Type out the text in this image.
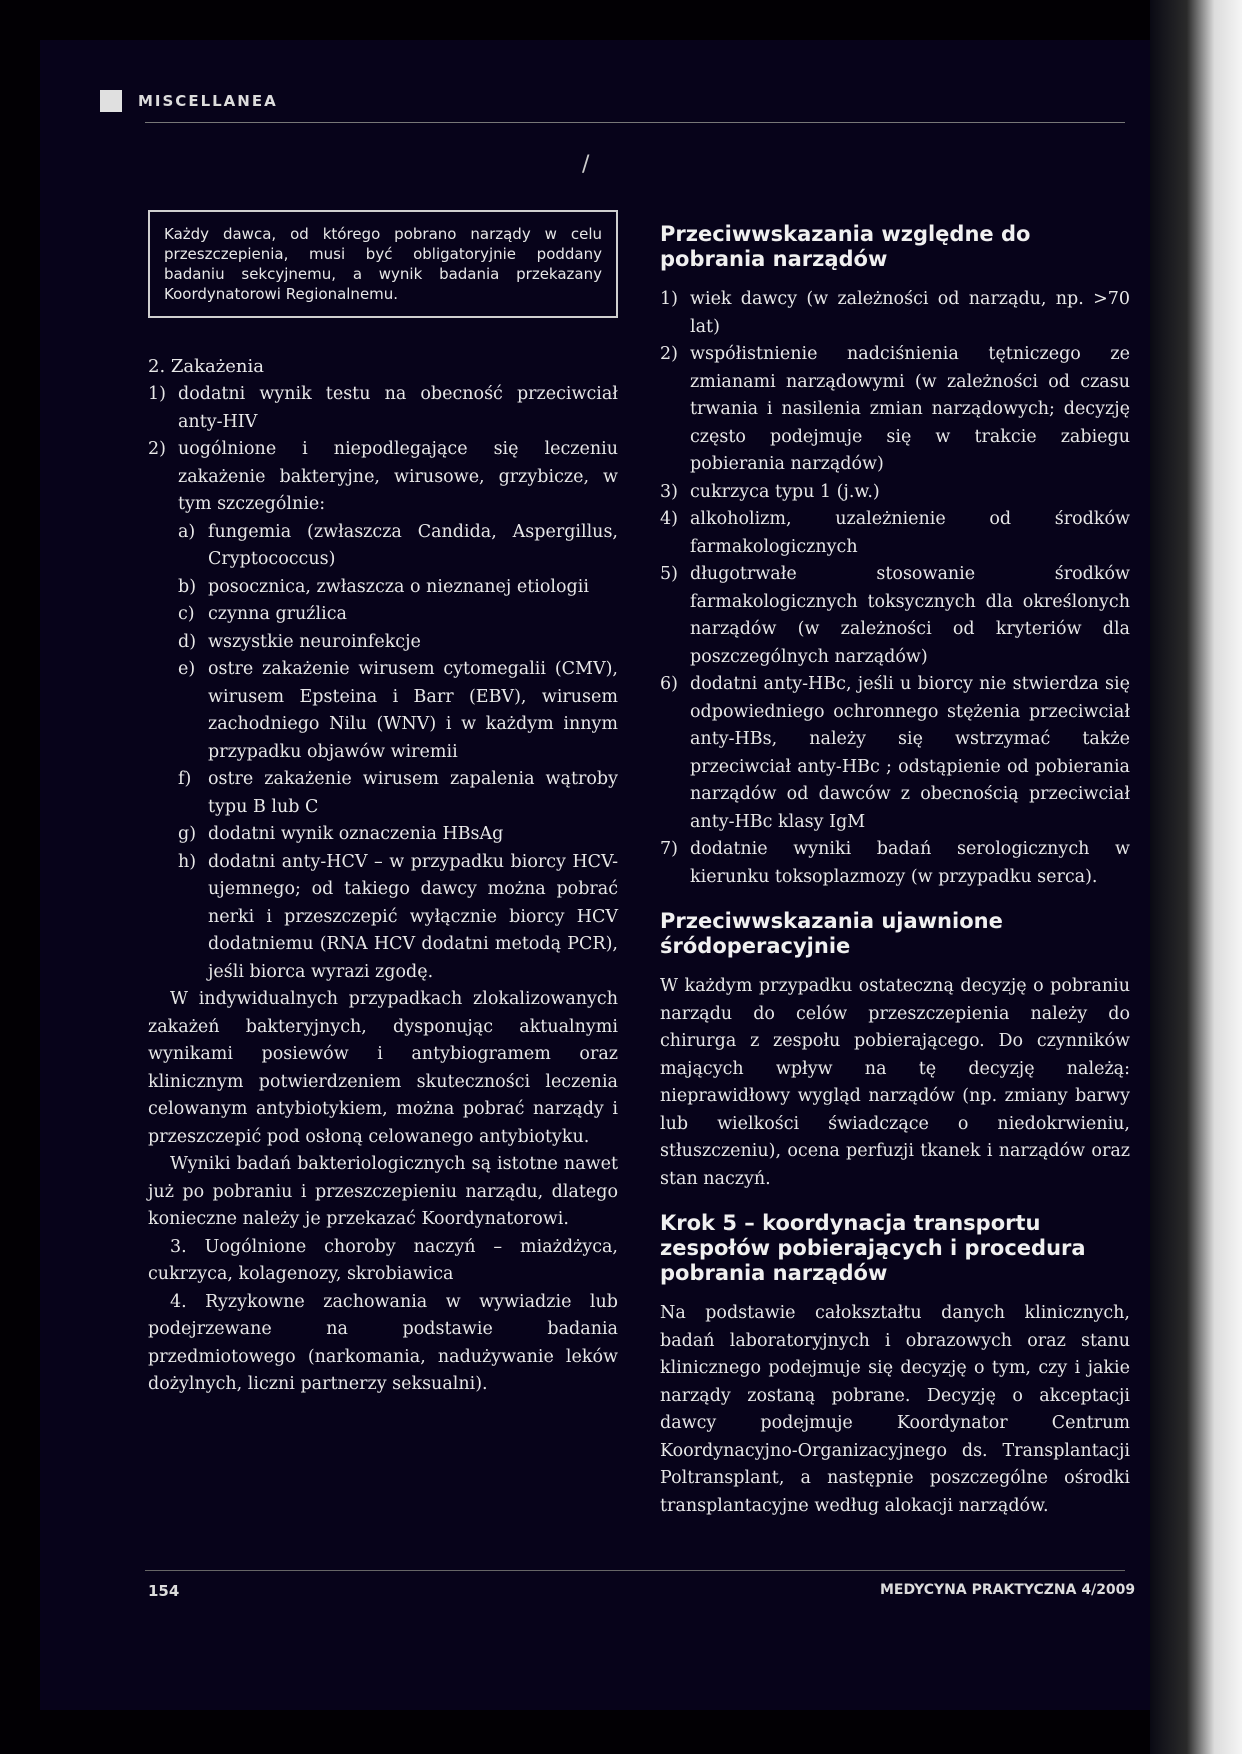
MISCELLANEA
/
Każdy dawca, od którego pobrano narządy w celu przeszczepienia, musi być obligatoryjnie poddany badaniu sekcyjnemu, a wynik badania przekazany Koordynatorowi Regionalnemu.
2. Zakażenia
1) dodatni wynik testu na obecność przeciwciał anty-HIV
2) uogólnione i niepodlegające się leczeniu zakażenie bakteryjne, wirusowe, grzybicze, w tym szczególnie:
a) fungemia (zwłaszcza Candida, Aspergillus, Cryptococcus)
b) posocznica, zwłaszcza o nieznanej etiologii
c) czynna gruźlica
d) wszystkie neuroinfekcje
e) ostre zakażenie wirusem cytomegalii (CMV), wirusem Epsteina i Barr (EBV), wirusem zachodniego Nilu (WNV) i w każdym innym przypadku objawów wiremii
f) ostre zakażenie wirusem zapalenia wątroby typu B lub C
g) dodatni wynik oznaczenia HBsAg
h) dodatni anty-HCV – w przypadku biorcy HCV-ujemnego; od takiego dawcy można pobrać nerki i przeszczepić wyłącznie biorcy HCV dodatniemu (RNA HCV dodatni metodą PCR), jeśli biorca wyrazi zgodę.

W indywidualnych przypadkach zlokalizowanych zakażeń bakteryjnych, dysponując aktualnymi wynikami posiewów i antybiogramem oraz klinicznym potwierdzeniem skuteczności leczenia celowanym antybiotykiem, można pobrać narządy i przeszczepić pod osłoną celowanego antybiotyku.

Wyniki badań bakteriologicznych są istotne nawet już po pobraniu i przeszczepieniu narządu, dlatego konieczne należy je przekazać Koordynatorowi.

3. Uogólnione choroby naczyń – miażdżyca, cukrzyca, kolagenozy, skrobiawica

4. Ryzykowne zachowania w wywiadzie lub podejrzewane na podstawie badania przedmiotowego (narkomania, nadużywanie leków dożylnych, liczni partnerzy seksualni).

Przeciwwskazania względne do pobrania narządów
1) wiek dawcy (w zależności od narządu, np. >70 lat)
2) współistnienie nadciśnienia tętniczego ze zmianami narządowymi (w zależności od czasu trwania i nasilenia zmian narządowych; decyzję często podejmuje się w trakcie zabiegu pobierania narządów)
3) cukrzyca typu 1 (j.w.)
4) alkoholizm, uzależnienie od środków farmakologicznych
5) długotrwałe stosowanie środków farmakologicznych toksycznych dla określonych narządów (w zależności od kryteriów dla poszczególnych narządów)
6) dodatni anty-HBc, jeśli u biorcy nie stwierdza się odpowiedniego ochronnego stężenia przeciwciał anty-HBs, należy się wstrzymać także przeciwciał anty-HBc ; odstąpienie od pobierania narządów od dawców z obecnością przeciwciał anty-HBc klasy IgM
7) dodatnie wyniki badań serologicznych w kierunku toksoplazmozy (w przypadku serca).
Przeciwwskazania ujawnione śródoperacyjnie

W każdym przypadku ostateczną decyzję o pobraniu narządu do celów przeszczepienia należy do chirurga z zespołu pobierającego. Do czynników mających wpływ na tę decyzję należą: nieprawidłowy wygląd narządów (np. zmiany barwy lub wielkości świadczące o niedokrwieniu, stłuszczeniu), ocena perfuzji tkanek i narządów oraz stan naczyń.

Krok 5 – koordynacja transportu zespołów pobierających i procedura pobrania narządów

Na podstawie całokształtu danych klinicznych, badań laboratoryjnych i obrazowych oraz stanu klinicznego podejmuje się decyzję o tym, czy i jakie narządy zostaną pobrane. Decyzję o akceptacji dawcy podejmuje Koordynator Centrum Koordynacyjno-Organizacyjnego ds. Transplantacji Poltransplant, a następnie poszczególne ośrodki transplantacyjne według alokacji narządów.

154	MEDYCYNA PRAKTYCZNA 4/2009
